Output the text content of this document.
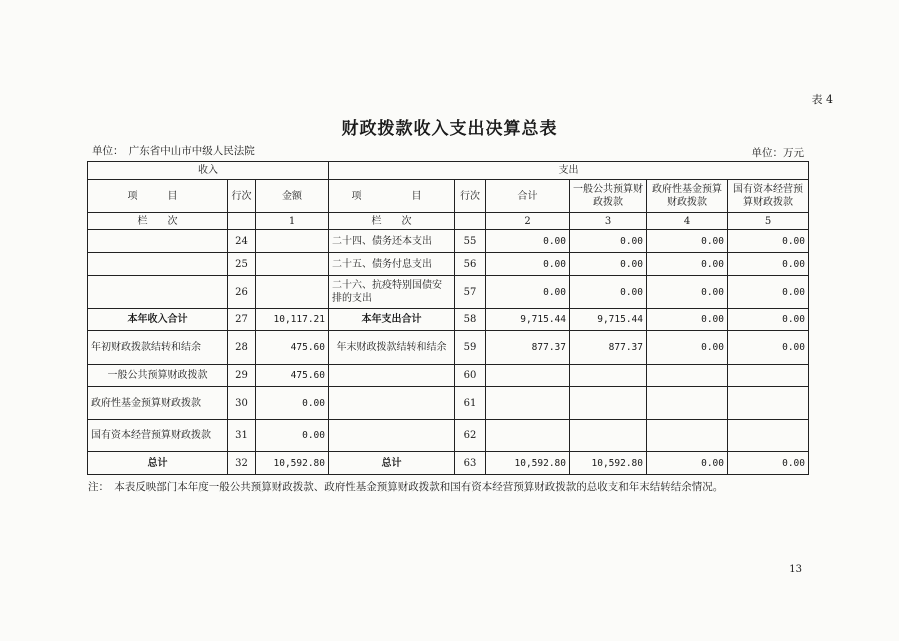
表 4
财政拨款收入支出决算总表
单位：　广东省中山市中级人民法院	单位：万元
收入			支出					
项　目	行次	金额	项　　目	行次	合计	一般公共预算财政拨款	政府性基金预算财政拨款	国有资本经营预算财政拨款
栏　　次		1	栏　　次		2	3	4	5
	24		二十四、债务还本支出	55	0.00	0.00	0.00	0.00
	25		二十五、债务付息支出	56	0.00	0.00	0.00	0.00
	26		二十六、抗疫特别国债安排的支出	57	0.00	0.00	0.00	0.00
本年收入合计	27	10,117.21	本年支出合计	58	9,715.44	9,715.44	0.00	0.00
年初财政拨款结转和结余	28	475.60	年末财政拨款结转和结余	59	877.37	877.37	0.00	0.00
一般公共预算财政拨款	29	475.60		60				
政府性基金预算财政拨款	30	0.00		61				
国有资本经营预算财政拨款	31	0.00		62				
总计	32	10,592.80	总计	63	10,592.80	10,592.80	0.00	0.00
注：　本表反映部门本年度一般公共预算财政拨款、政府性基金预算财政拨款和国有资本经营预算财政拨款的总收支和年末结转结余情况。
13
